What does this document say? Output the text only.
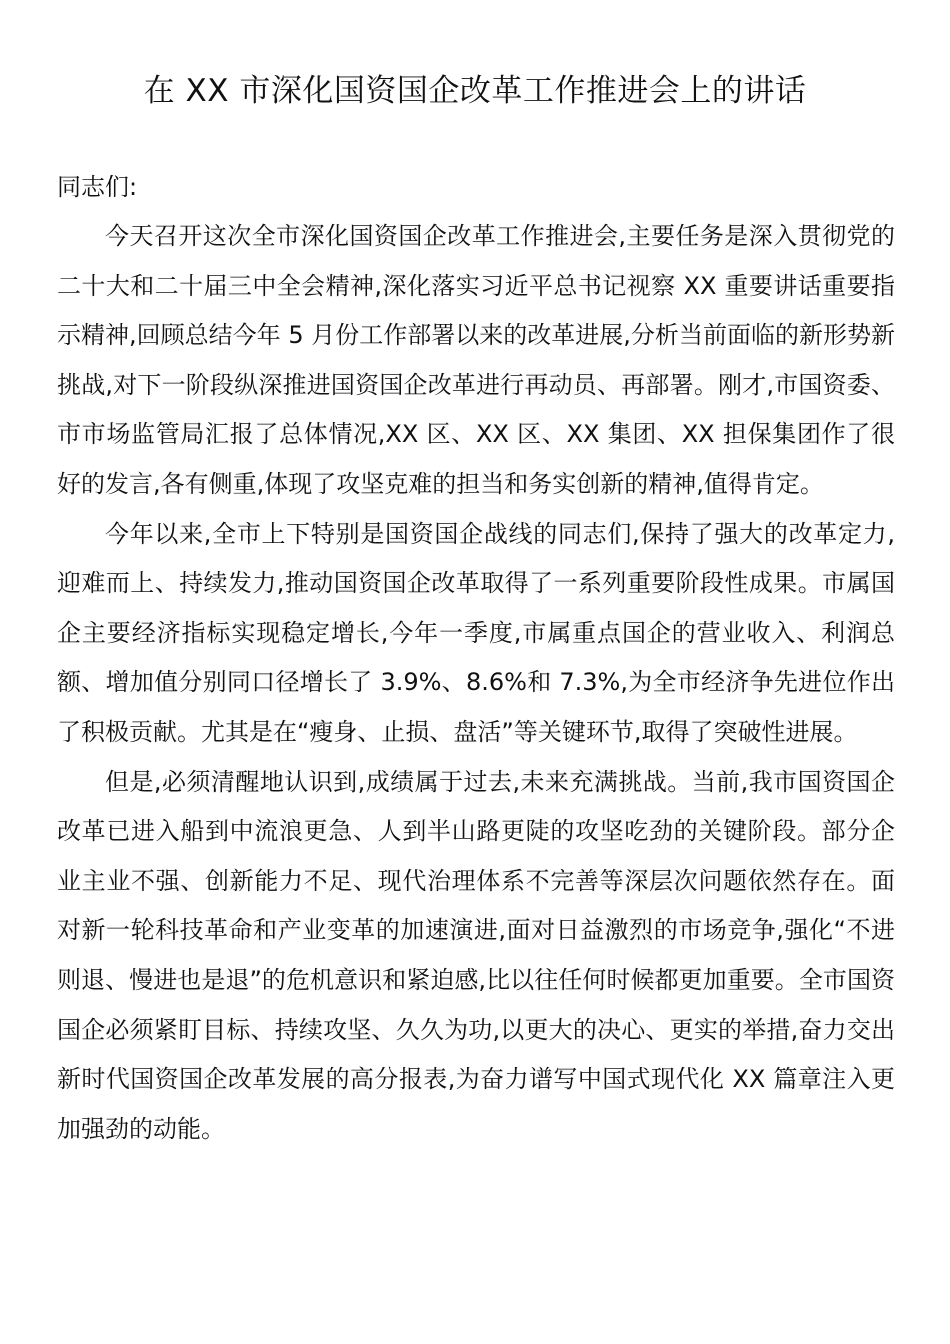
在 XX 市深化国资国企改革工作推进会上的讲话

同志们:

今天召开这次全市深化国资国企改革工作推进会,主要任务是深入贯彻党的二十大和二十届三中全会精神,深化落实习近平总书记视察 XX 重要讲话重要指示精神,回顾总结今年 5 月份工作部署以来的改革进展,分析当前面临的新形势新挑战,对下一阶段纵深推进国资国企改革进行再动员、再部署。刚才,市国资委、市市场监管局汇报了总体情况,XX 区、XX 区、XX 集团、XX 担保集团作了很好的发言,各有侧重,体现了攻坚克难的担当和务实创新的精神,值得肯定。

今年以来,全市上下特别是国资国企战线的同志们,保持了强大的改革定力,迎难而上、持续发力,推动国资国企改革取得了一系列重要阶段性成果。市属国企主要经济指标实现稳定增长,今年一季度,市属重点国企的营业收入、利润总额、增加值分别同口径增长了 3.9%、8.6%和 7.3%,为全市经济争先进位作出了积极贡献。尤其是在“瘦身、止损、盘活”等关键环节,取得了突破性进展。

但是,必须清醒地认识到,成绩属于过去,未来充满挑战。当前,我市国资国企改革已进入船到中流浪更急、人到半山路更陡的攻坚吃劲的关键阶段。部分企业主业不强、创新能力不足、现代治理体系不完善等深层次问题依然存在。面对新一轮科技革命和产业变革的加速演进,面对日益激烈的市场竞争,强化“不进则退、慢进也是退”的危机意识和紧迫感,比以往任何时候都更加重要。全市国资国企必须紧盯目标、持续攻坚、久久为功,以更大的决心、更实的举措,奋力交出新时代国资国企改革发展的高分报表,为奋力谱写中国式现代化 XX 篇章注入更加强劲的动能。
